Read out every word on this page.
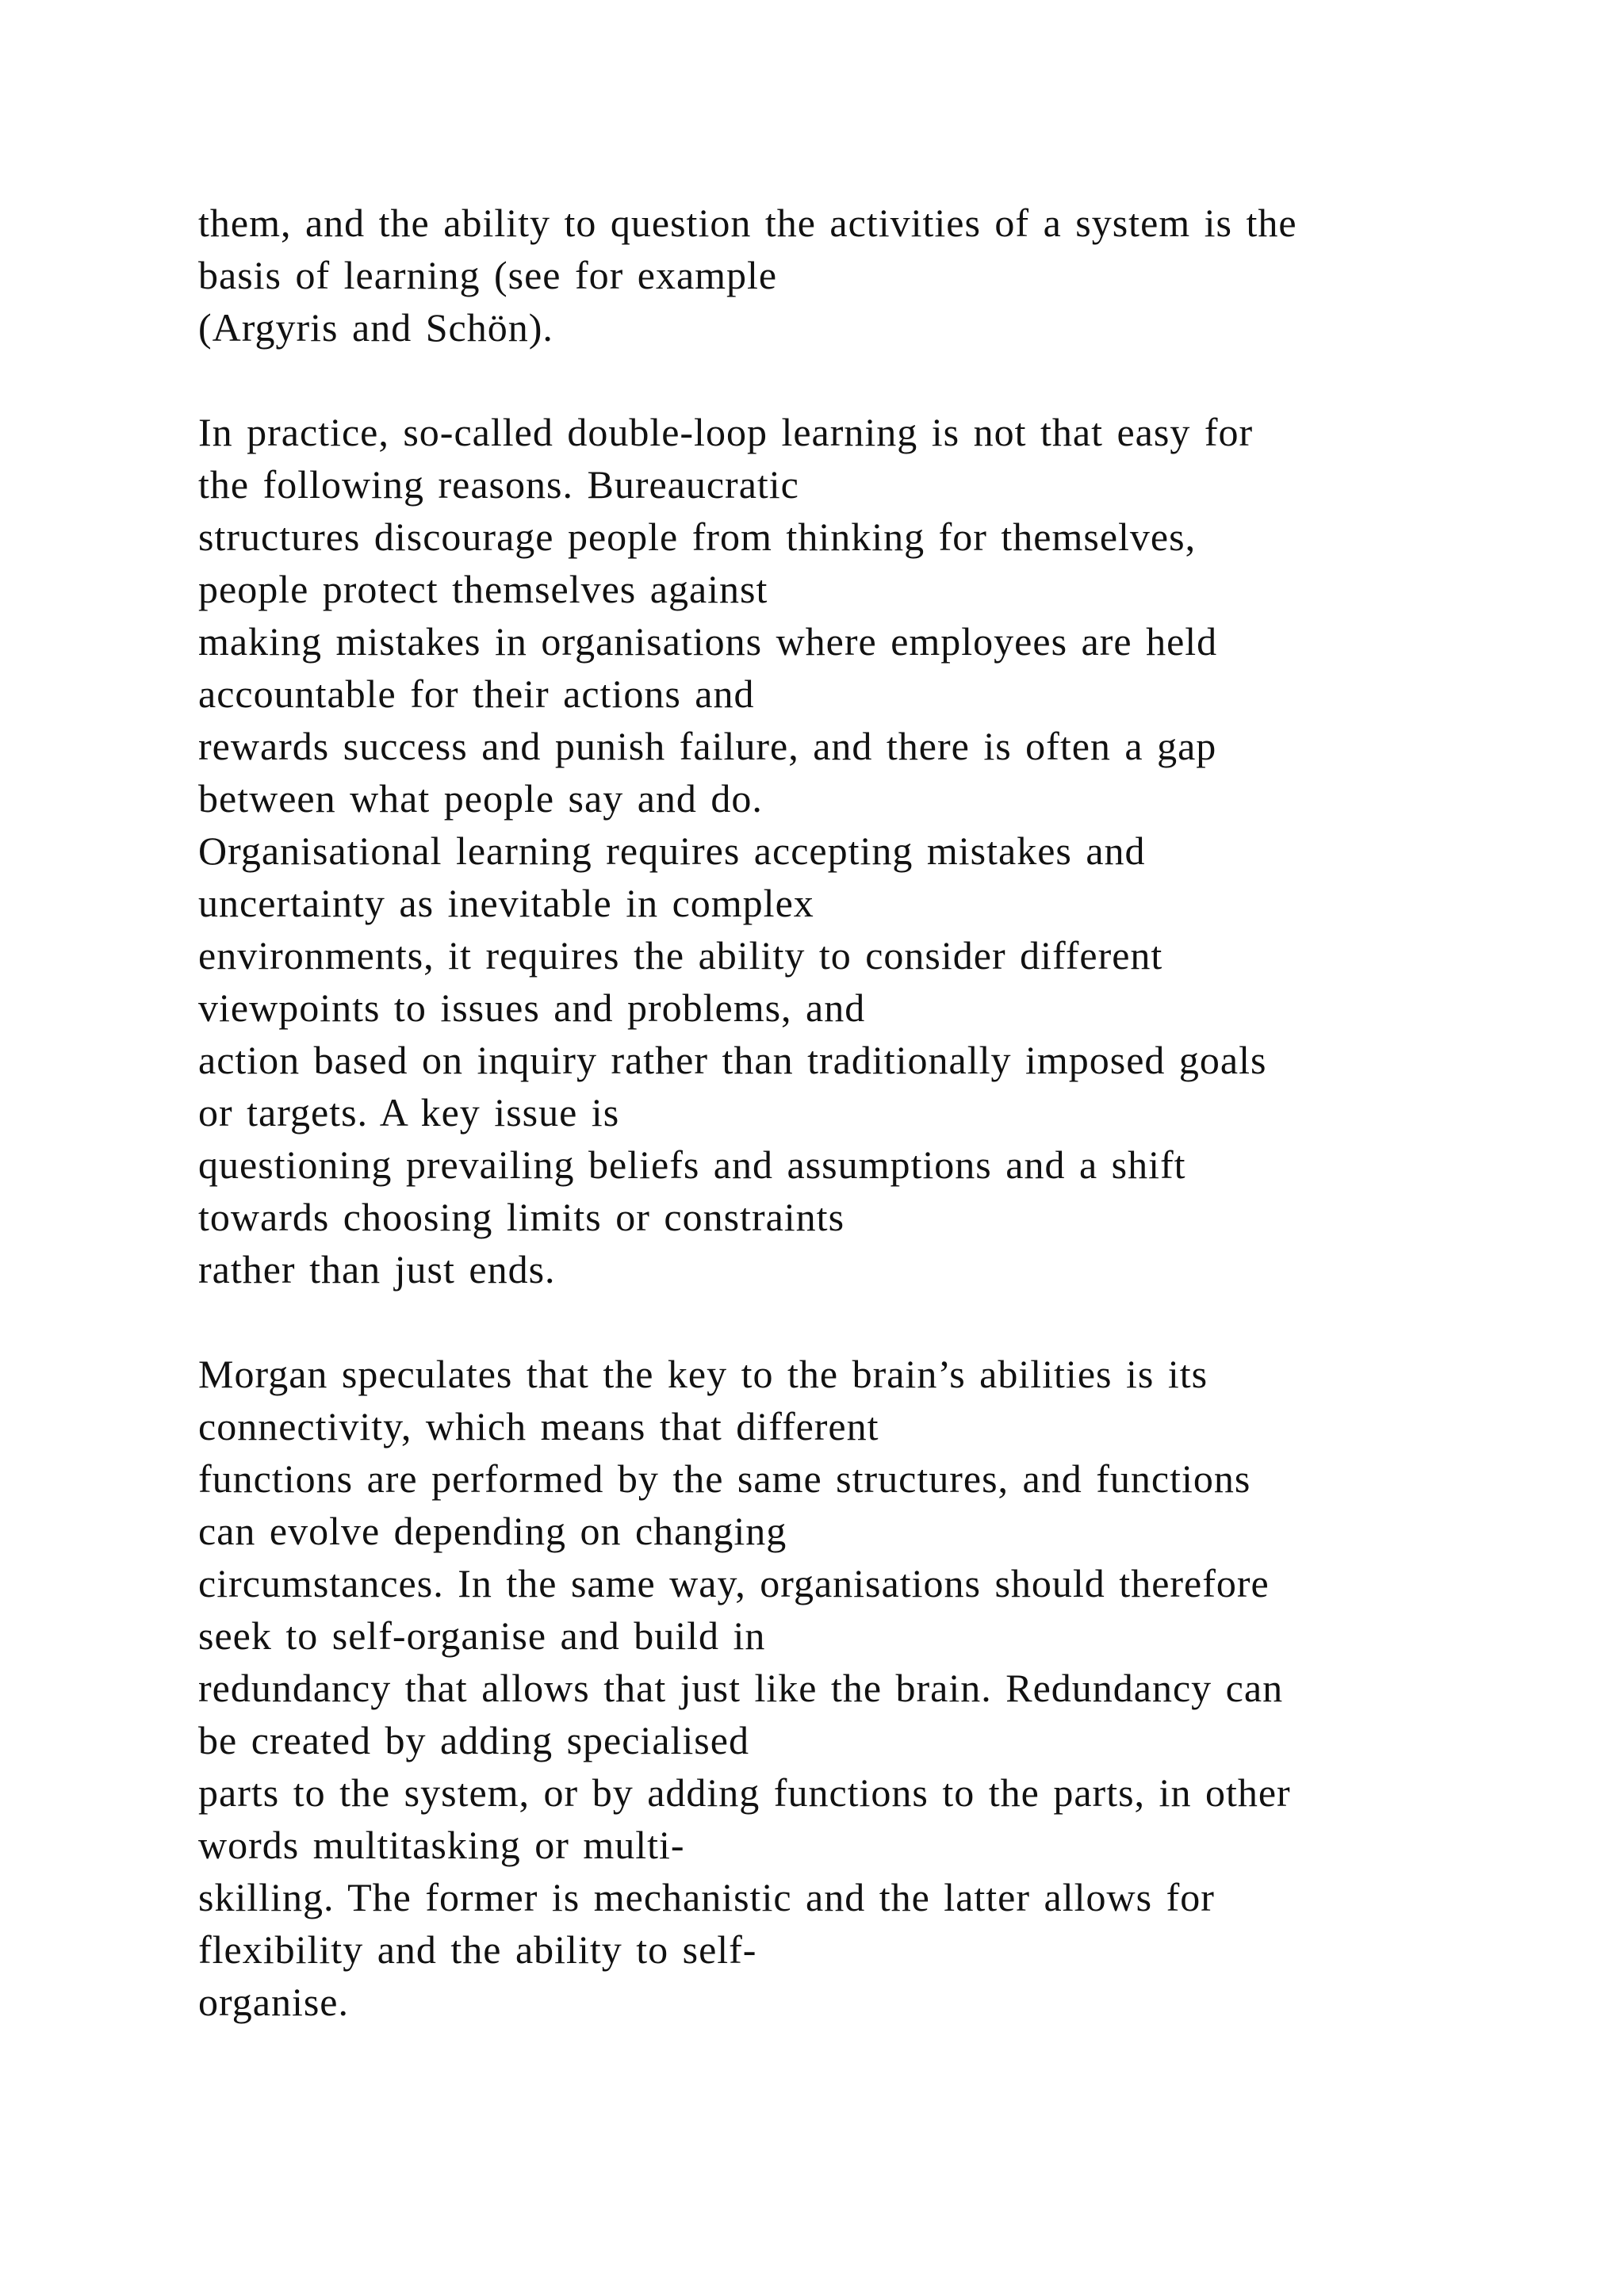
them, and the ability to question the activities of a system is the
basis of learning (see for example
(Argyris and Schön).

In practice, so-called double-loop learning is not that easy for
the following reasons. Bureaucratic
structures discourage people from thinking for themselves,
people protect themselves against
making mistakes in organisations where employees are held
accountable for their actions and
rewards success and punish failure, and there is often a gap
between what people say and do.
Organisational learning requires accepting mistakes and
uncertainty as inevitable in complex
environments, it requires the ability to consider different
viewpoints to issues and problems, and
action based on inquiry rather than traditionally imposed goals
or targets. A key issue is
questioning prevailing beliefs and assumptions and a shift
towards choosing limits or constraints
rather than just ends.

Morgan speculates that the key to the brain’s abilities is its
connectivity, which means that different
functions are performed by the same structures, and functions
can evolve depending on changing
circumstances. In the same way, organisations should therefore
seek to self-organise and build in
redundancy that allows that just like the brain. Redundancy can
be created by adding specialised
parts to the system, or by adding functions to the parts, in other
words multitasking or multi-
skilling. The former is mechanistic and the latter allows for
flexibility and the ability to self-
organise.
